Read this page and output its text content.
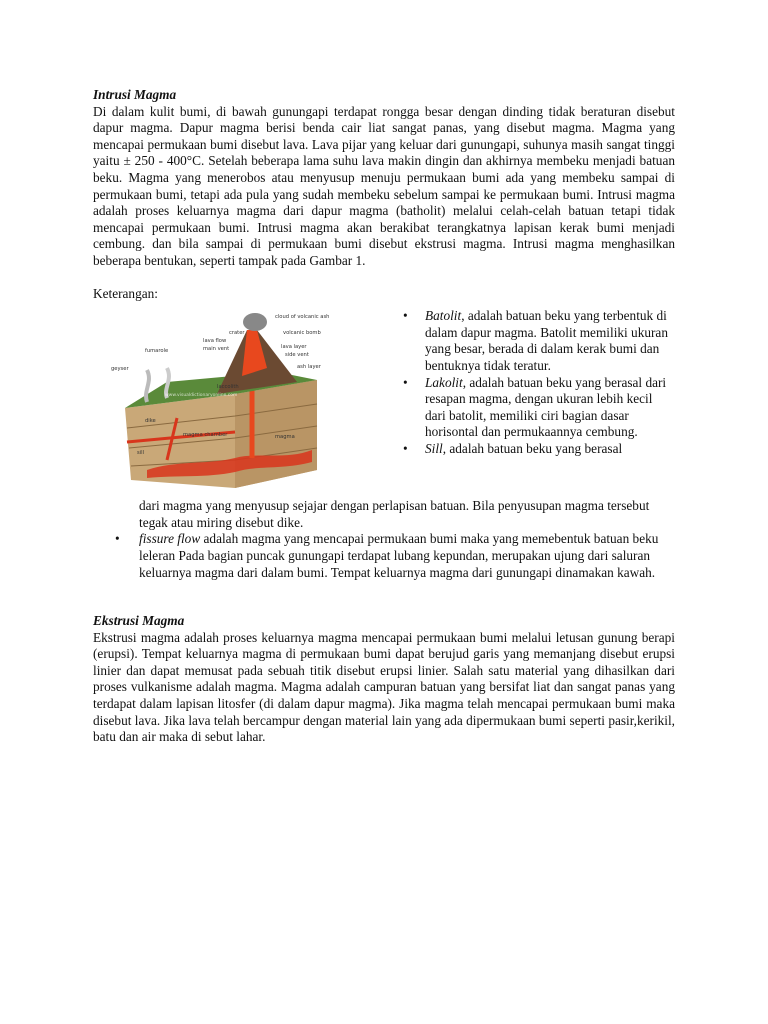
Intrusi Magma

Di dalam kulit bumi, di bawah gunungapi terdapat rongga besar dengan dinding tidak beraturan disebut dapur magma. Dapur magma berisi benda cair liat sangat panas, yang disebut magma. Magma yang mencapai permukaan bumi disebut lava. Lava pijar yang keluar dari gunungapi, suhunya masih sangat tinggi yaitu ± 250 - 400°C. Setelah beberapa lama suhu lava makin dingin dan akhirnya membeku menjadi batuan beku. Magma yang menerobos atau menyusup menuju permukaan bumi ada yang membeku sampai di permukaan bumi, tetapi ada pula yang sudah membeku sebelum sampai ke permukaan bumi. Intrusi magma adalah proses keluarnya magma dari dapur magma (batholit) melalui celah-celah batuan tetapi tidak mencapai permukaan bumi. Intrusi magma akan berakibat terangkatnya lapisan kerak bumi menjadi cembung. dan bila sampai di permukaan bumi disebut ekstrusi magma. Intrusi magma menghasilkan beberapa bentukan, seperti tampak pada Gambar 1.

Keterangan:

cloud of volcanic ash
crater	volcanic bomb
lava flow
fumarole	main vent	lava layer
side vent
geyser	ash layer
laccolith
dike
magma chamber	magma
sill
www.visualdictionaryonline.com
• Batolit, adalah batuan beku yang terbentuk di dalam dapur magma. Batolit memiliki ukuran yang besar, berada di dalam kerak bumi dan bentuknya tidak teratur.
• Lakolit, adalah batuan beku yang berasal dari resapan magma, dengan ukuran lebih kecil dari batolit, memiliki ciri bagian dasar horisontal dan permukaannya cembung.
• Sill, adalah batuan beku yang berasal

dari magma yang menyusup sejajar dengan perlapisan batuan. Bila penyusupan magma tersebut tegak atau miring disebut dike.

• fissure flow adalah magma yang mencapai permukaan bumi maka yang memebentuk batuan beku leleran Pada bagian puncak gunungapi terdapat lubang kepundan, merupakan ujung dari saluran keluarnya magma dari dalam bumi. Tempat keluarnya magma dari gunungapi dinamakan kawah.

Ekstrusi Magma

Ekstrusi magma adalah proses keluarnya magma mencapai permukaan bumi melalui letusan gunung berapi (erupsi). Tempat keluarnya magma di permukaan bumi dapat berujud garis yang memanjang disebut erupsi linier dan dapat memusat pada sebuah titik disebut erupsi linier. Salah satu material yang dihasilkan dari proses vulkanisme adalah magma. Magma adalah campuran batuan yang bersifat liat dan sangat panas yang terdapat dalam lapisan litosfer (di dalam dapur magma). Jika magma telah mencapai permukaan bumi maka disebut lava. Jika lava telah bercampur dengan material lain yang ada dipermukaan bumi seperti pasir,kerikil, batu dan air maka di sebut lahar.
